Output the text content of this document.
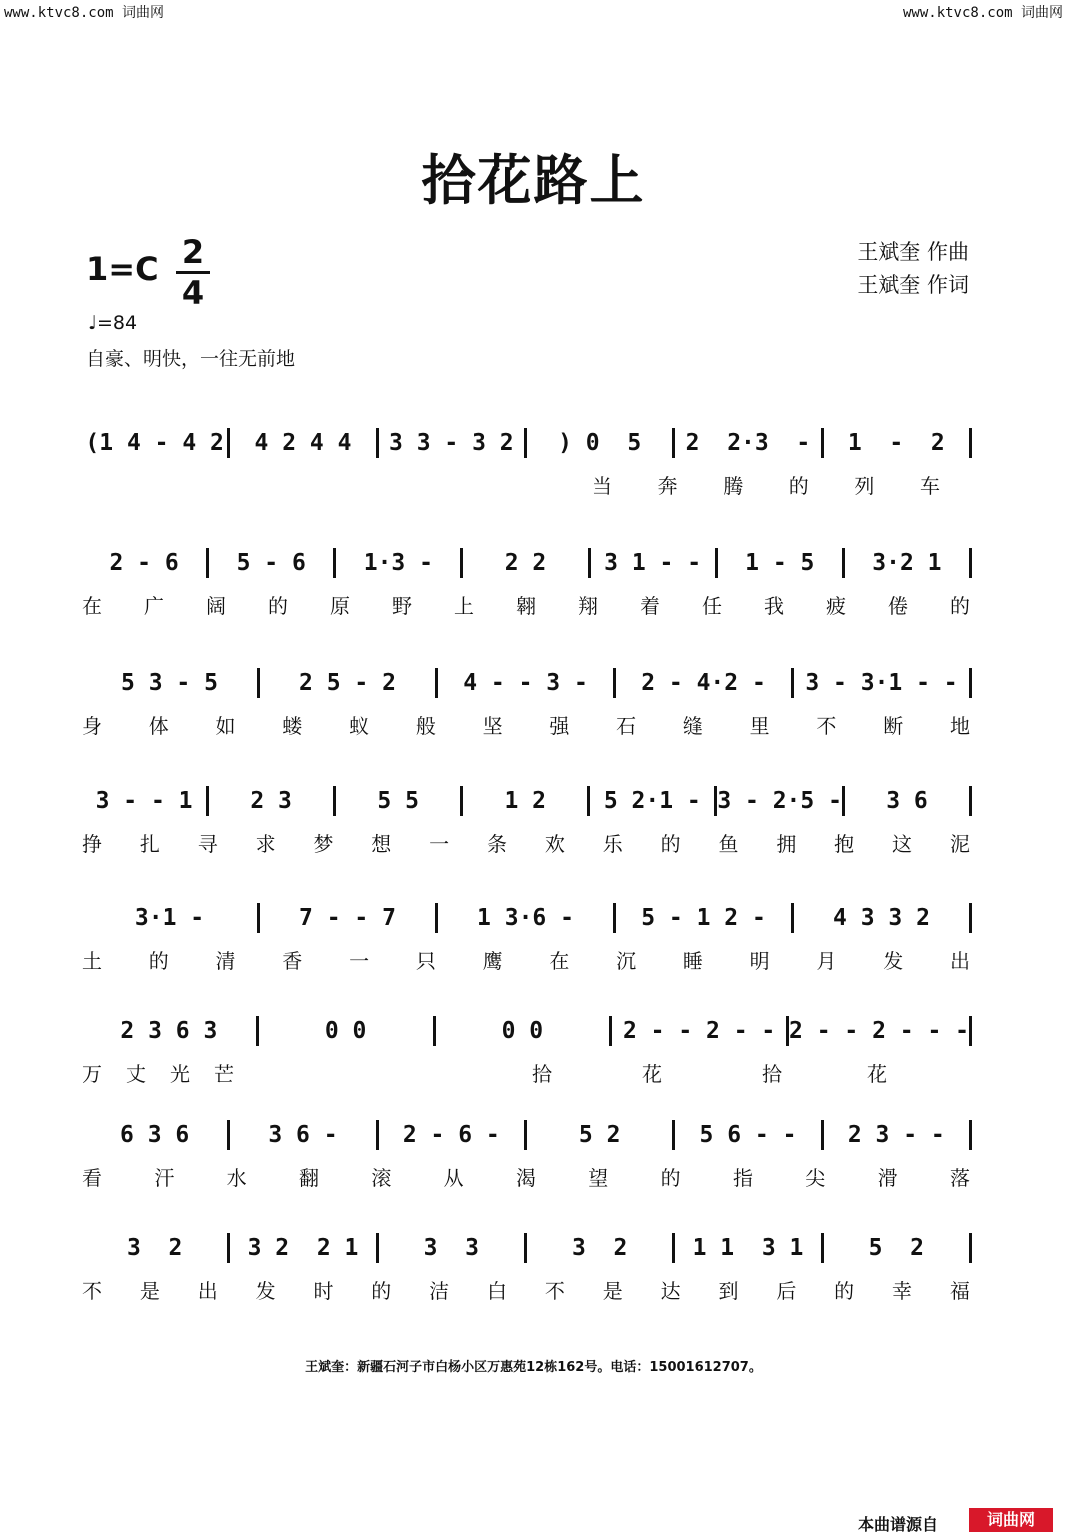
www.ktvc8.com 词曲网	www.ktvc8.com 词曲网
拾花路上
1=C 2
4
王斌奎 作曲
王斌奎 作词
♩=84
自豪、明快，一往无前地
(1 4 - 4 2	4 2 4 4	3 3 - 3 2	) 0  5	2  2·3  -	1  -  2
当 奔 腾 的 列 车
2 - 6	5 - 6	1·3 -	2 2	3 1 - -	1 - 5	3·2 1
在 广 阔 的 原 野 上 翱 翔 着 任 我 疲 倦 的
5 3 - 5	2 5 - 2	4 - - 3 -	2 - 4·2 -	3 - 3·1 - -
身 体 如 蝼 蚁 般 坚 强 石 缝 里 不 断 地
3 - - 1	2 3	5 5	1 2	5 2·1 - 3 - 2·5 -	3 6
挣 扎 寻 求 梦 想 一 条 欢 乐 的 鱼 拥 抱 这 泥
3·1 -	7 - - 7	1 3·6 -	5 - 1 2 -	4 3 3 2
土 的 清 香 一 只 鹰 在 沉 睡 明 月 发 出
2 3 6 3	0 0	0 0	2 - - 2 - - 2 - - 2 - - -
万 丈 光 芒	拾	花	拾	花
6 3 6	3 6 -	2 - 6 -	5 2	5 6 - -	2 3 - -
看	汗	水	翻	滚	从	渴	望	的	指	尖	滑	落
3  2	3 2  2 1	3  3	3  2	1 1  3 1	5  2
不 是 出 发 时 的 洁 白 不 是 达 到 后 的 幸 福
王斌奎：新疆石河子市白杨小区万惠苑12栋162号。电话：15001612707。
本曲谱源自	词曲网
